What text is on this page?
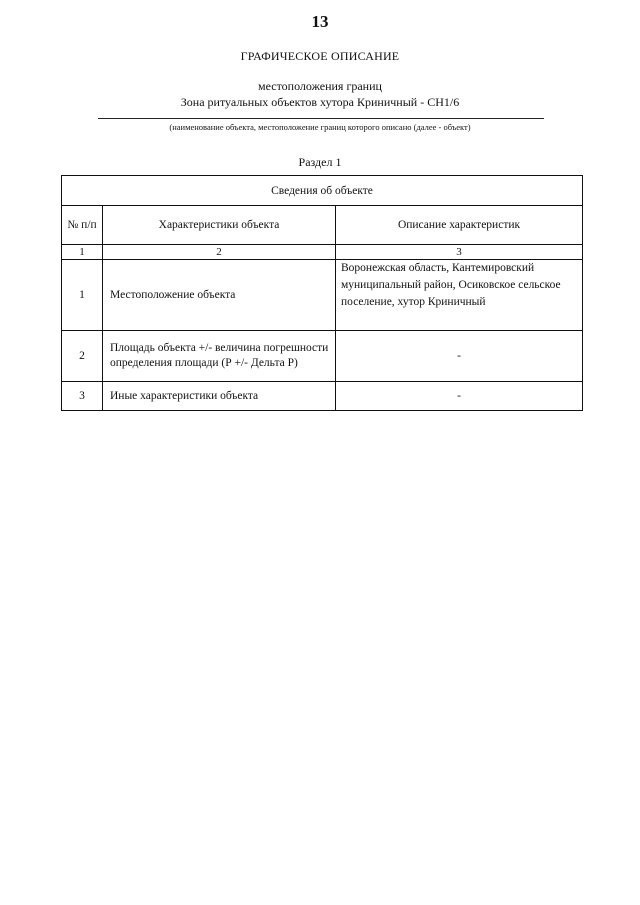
13
ГРАФИЧЕСКОЕ ОПИСАНИЕ
местоположения границ
Зона ритуальных объектов хутора Криничный - СН1/6
(наименование объекта, местоположение границ которого описано (далее - объект)
Раздел 1
Сведения об объекте		
№ п/п	Характеристики объекта	Описание характеристик
1	2	3
1	Местоположение объекта	Воронежская область, Кантемировский муниципальный район, Осиковское сельское поселение, хутор Криничный
2	Площадь объекта +/- величина погрешности определения площади (Р +/- Дельта Р)	-
3	Иные характеристики объекта	-
